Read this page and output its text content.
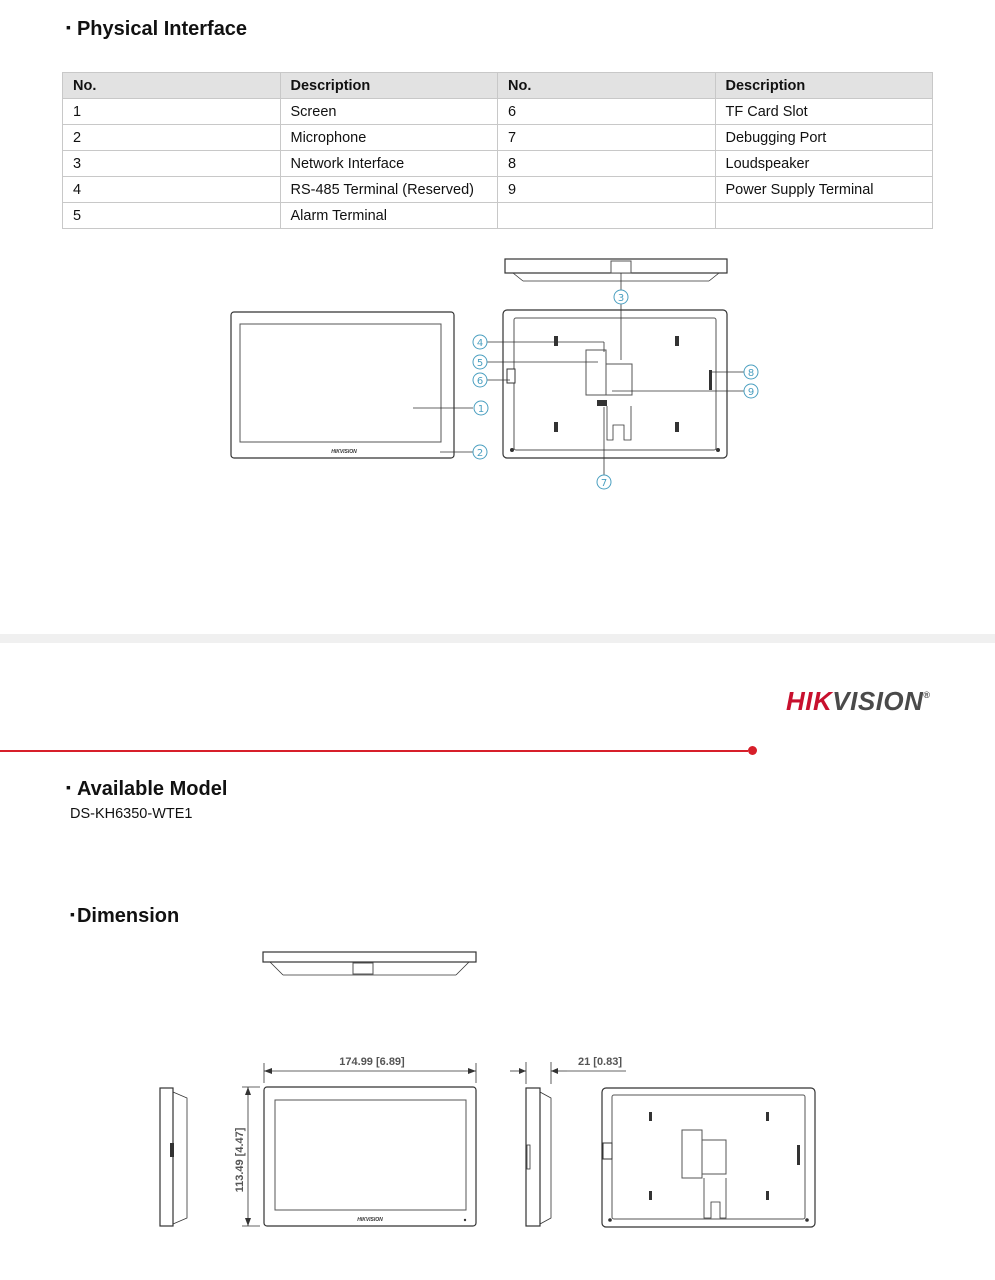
▪ Physical Interface
No.	Description	No.	Description
1	Screen	6	TF Card Slot
2	Microphone	7	Debugging Port
3	Network Interface	8	Loudspeaker
4	RS-485 Terminal (Reserved)	9	Power Supply Terminal
5	Alarm Terminal		
HIKVISION
1
2
3
4
5
6
7
8
9
HIKVISION
174.99 [6.89]
113.49 [4.47]
21 [0.83]
HIKVISION®
▪ Available Model
DS-KH6350-WTE1
▪ Dimension
